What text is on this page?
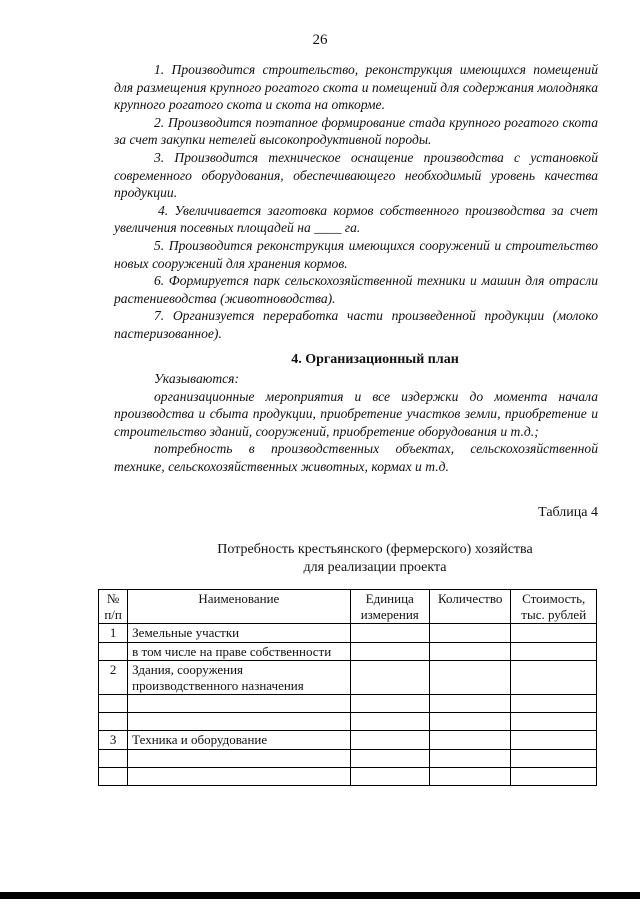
26

1. Производится строительство, реконструкция имеющихся помещений для размещения крупного рогатого скота и помещений для содержания молодняка крупного рогатого скота и скота на откорме.

2. Производится поэтапное формирование стада крупного рогатого скота за счет закупки нетелей высокопродуктивной породы.

3. Производится техническое оснащение производства с установкой современного оборудования, обеспечивающего необходимый уровень качества продукции.

4. Увеличивается заготовка кормов собственного производства за счет увеличения посевных площадей на ____ га.

5. Производится реконструкция имеющихся сооружений и строительство новых сооружений для хранения кормов.

6. Формируется парк сельскохозяйственной техники и машин для отрасли растениеводства (животноводства).

7. Организуется переработка части произведенной продукции (молоко пастеризованное).

4. Организационный план

Указываются:

организационные мероприятия и все издержки до момента начала производства и сбыта продукции, приобретение участков земли, приобретение и строительство зданий, сооружений, приобретение оборудования и т.д.;

потребность в производственных объектах, сельскохозяйственной технике, сельскохозяйственных животных, кормах и т.д.

Таблица 4
Потребность крестьянского (фермерского) хозяйства
для реализации проекта
№ п/п	Наименование	Единица измерения	Количество	Стоимость, тыс. рублей
1	Земельные участки			
	в том числе на праве собственности			
2	Здания, сооружения производственного назначения			

3	Техника и оборудование			
